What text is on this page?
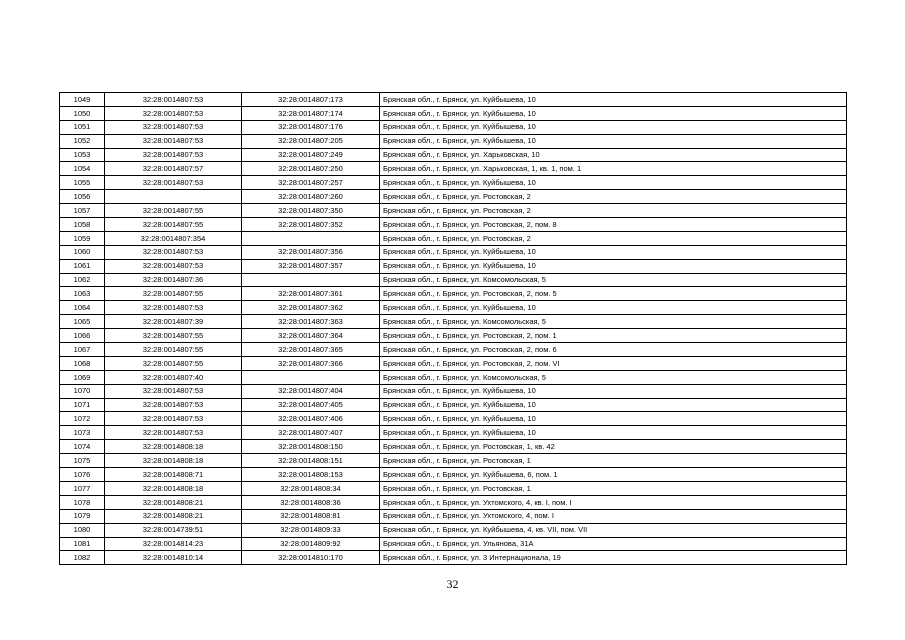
1049	32:28:0014807:53	32:28:0014807:173	Брянская обл., г. Брянск, ул. Куйбышева, 10
1050	32:28:0014807:53	32:28:0014807:174	Брянская обл., г. Брянск, ул. Куйбышева, 10
1051	32:28:0014807:53	32:28:0014807:176	Брянская обл., г. Брянск, ул. Куйбышева, 10
1052	32:28:0014807:53	32:28:0014807:205	Брянская обл., г. Брянск, ул. Куйбышева, 10
1053	32:28:0014807:53	32:28:0014807:249	Брянская обл., г. Брянск, ул. Харьковская, 10
1054	32:28:0014807:57	32:28:0014807:250	Брянская обл., г. Брянск, ул. Харьковская, 1, кв. 1, пом. 1
1055	32:28:0014807:53	32:28:0014807:257	Брянская обл., г. Брянск, ул. Куйбышева, 10
1056		32:28:0014807:260	Брянская обл., г. Брянск, ул. Ростовская, 2
1057	32:28:0014807:55	32:28:0014807:350	Брянская обл., г. Брянск, ул. Ростовская, 2
1058	32:28:0014807:55	32:28:0014807:352	Брянская обл., г. Брянск, ул. Ростовская, 2, пом. 8
1059	32:28:0014807:354		Брянская обл., г. Брянск, ул. Ростовская, 2
1060	32:28:0014807:53	32:28:0014807:356	Брянская обл., г. Брянск, ул. Куйбышева, 10
1061	32:28:0014807:53	32:28:0014807:357	Брянская обл., г. Брянск, ул. Куйбышева, 10
1062	32:28:0014807:36		Брянская обл., г. Брянск, ул. Комсомольская, 5
1063	32:28:0014807:55	32:28:0014807:361	Брянская обл., г. Брянск, ул. Ростовская, 2, пом. 5
1064	32:28:0014807:53	32:28:0014807:362	Брянская обл., г. Брянск, ул. Куйбышева, 10
1065	32:28:0014807:39	32:28:0014807:363	Брянская обл., г. Брянск, ул. Комсомольская, 5
1066	32:28:0014807:55	32:28:0014807:364	Брянская обл., г. Брянск, ул. Ростовская, 2, пом. 1
1067	32:28:0014807:55	32:28:0014807:365	Брянская обл., г. Брянск, ул. Ростовская, 2, пом. 6
1068	32:28:0014807:55	32:28:0014807:366	Брянская обл., г. Брянск, ул. Ростовская, 2, пом. VI
1069	32:28:0014807:40		Брянская обл., г. Брянск, ул. Комсомольская, 5
1070	32:28:0014807:53	32:28:0014807:404	Брянская обл., г. Брянск, ул. Куйбышева, 10
1071	32:28:0014807:53	32:28:0014807:405	Брянская обл., г. Брянск, ул. Куйбышева, 10
1072	32:28:0014807:53	32:28:0014807:406	Брянская обл., г. Брянск, ул. Куйбышева, 10
1073	32:28:0014807:53	32:28:0014807:407	Брянская обл., г. Брянск, ул. Куйбышева, 10
1074	32:28:0014808:18	32:28:0014808:150	Брянская обл., г. Брянск, ул. Ростовская, 1, кв. 42
1075	32:28:0014808:18	32:28:0014808:151	Брянская обл., г. Брянск, ул. Ростовская, 1
1076	32:28:0014808:71	32:28:0014808:153	Брянская обл., г. Брянск, ул. Куйбышева, 6, пом. 1
1077	32:28:0014808:18	32:28:0014808:34	Брянская обл., г. Брянск, ул. Ростовская, 1
1078	32:28:0014808:21	32:28:0014808:36	Брянская обл., г. Брянск, ул. Ухтомского, 4, кв. I, пом. I
1079	32:28:0014808:21	32:28:0014808:81	Брянская обл., г. Брянск, ул. Ухтомского, 4, пом. I
1080	32:28:0014739:51	32:28:0014809:33	Брянская обл., г. Брянск, ул. Куйбышева, 4, кв. VII, пом. VII
1081	32:28:0014814:23	32:28:0014809:92	Брянская обл., г. Брянск, ул. Ульянова, 31А
1082	32:28:0014810:14	32:28:0014810:170	Брянская обл., г. Брянск, ул. 3 Интернационала, 19
32
